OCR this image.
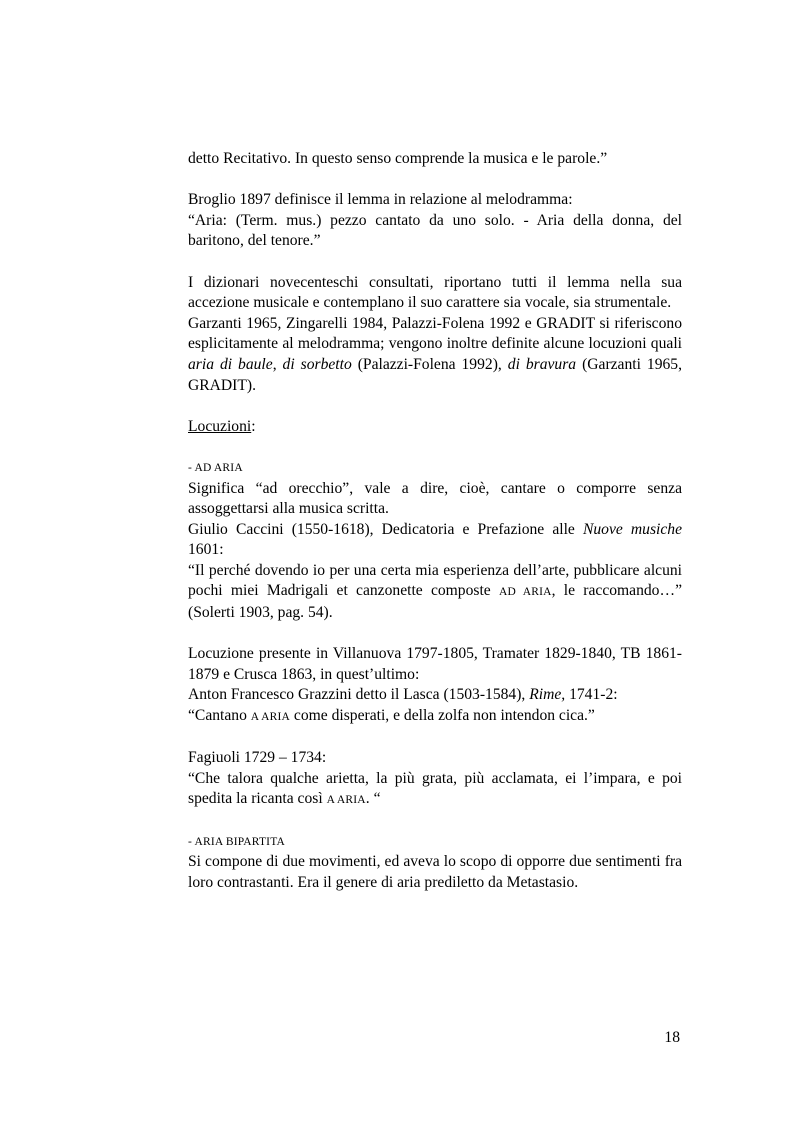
detto Recitativo. In questo senso comprende la musica e le parole.”

Broglio 1897 definisce il lemma in relazione al melodramma:

“Aria: (Term. mus.) pezzo cantato da uno solo. - Aria della donna, del baritono, del tenore.”

I dizionari novecenteschi consultati, riportano tutti il lemma nella sua accezione musicale e contemplano il suo carattere sia vocale, sia strumentale.

Garzanti 1965, Zingarelli 1984, Palazzi-Folena 1992 e GRADIT si riferiscono esplicitamente al melodramma; vengono inoltre definite alcune locuzioni quali aria di baule, di sorbetto (Palazzi-Folena 1992), di bravura (Garzanti 1965, GRADIT).

Locuzioni:

- AD ARIA

Significa “ad orecchio”, vale a dire, cioè, cantare o comporre senza assoggettarsi alla musica scritta.

Giulio Caccini (1550-1618), Dedicatoria e Prefazione alle Nuove musiche 1601:

“Il perché dovendo io per una certa mia esperienza dell’arte, pubblicare alcuni pochi miei Madrigali et canzonette composte AD ARIA, le raccomando…” (Solerti 1903, pag. 54).

Locuzione presente in Villanuova 1797-1805, Tramater 1829-1840, TB 1861-1879 e Crusca 1863, in quest’ultimo:

Anton Francesco Grazzini detto il Lasca (1503-1584), Rime, 1741-2:

“Cantano A ARIA come disperati, e della zolfa non intendon cica.”

Fagiuoli 1729 – 1734:

“Che talora qualche arietta, la più grata, più acclamata, ei l’impara, e poi spedita la ricanta così A ARIA. “

- ARIA BIPARTITA

Si compone di due movimenti, ed aveva lo scopo di opporre due sentimenti fra loro contrastanti. Era il genere di aria prediletto da Metastasio.

18
